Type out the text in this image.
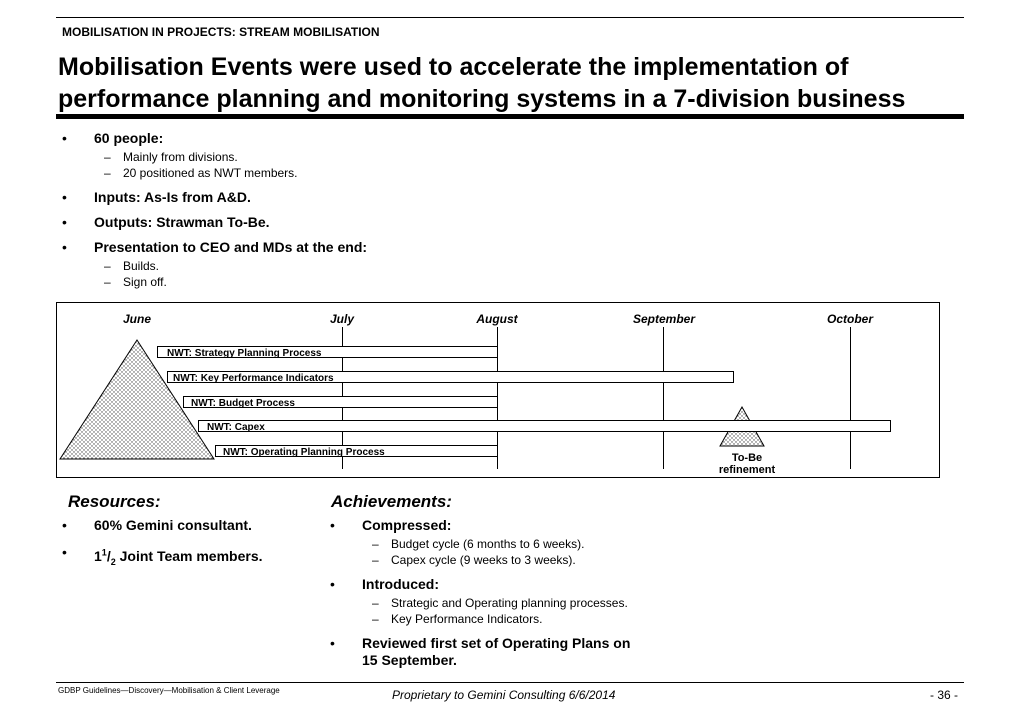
MOBILISATION IN PROJECTS: STREAM MOBILISATION
Mobilisation Events were used to accelerate the implementation of
performance planning and monitoring systems in a 7-division business
• 60 people:
– Mainly from divisions.
– 20 positioned as NWT members.
• Inputs: As-Is from A&D.
• Outputs: Strawman To-Be.
• Presentation to CEO and MDs at the end:
– Builds.
– Sign off.
June	July	August	September	October
NWT: Strategy Planning Process
NWT: Key Performance Indicators
NWT: Budget Process
NWT: Capex
NWT: Operating Planning Process	To-Be
refinement
Resources:
• 60% Gemini consultant.
• $1^1/_2$ Joint Team members.
Achievements:
• Compressed:
– Budget cycle (6 months to 6 weeks).
– Capex cycle (9 weeks to 3 weeks).
• Introduced:
– Strategic and Operating planning processes.
– Key Performance Indicators.
• Reviewed first set of Operating Plans on
15 September.
GDBP Guidelines—Discovery—Mobilisation & Client Leverage	Proprietary to Gemini Consulting 6/6/2014	- 36 -
